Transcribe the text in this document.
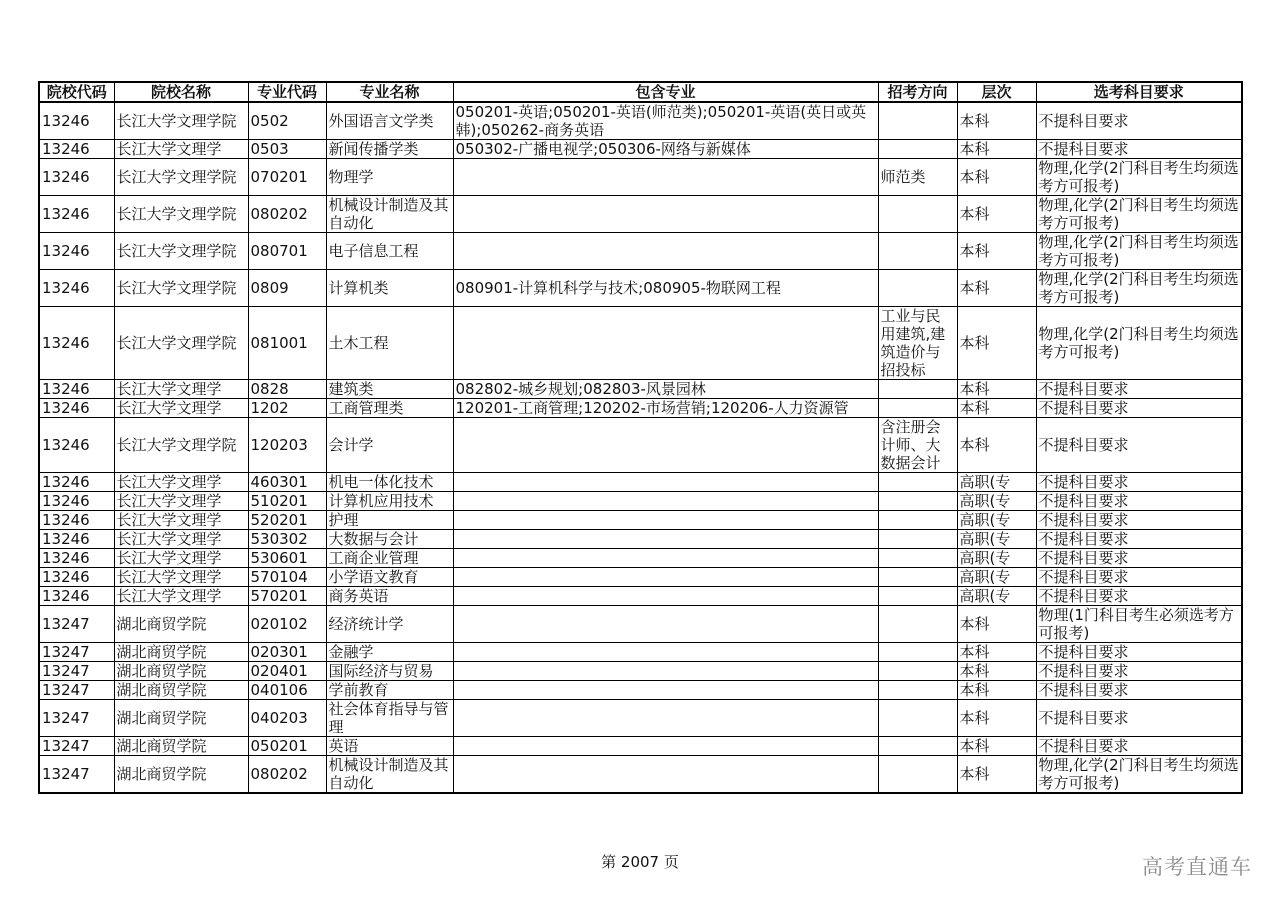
院校代码	院校名称	专业代码	专业名称	包含专业	招考方向	层次	选考科目要求
13246	长江大学文理学院	0502	外国语言文学类	050201-英语;050201-英语(师范类);050201-英语(英日或英韩);050262-商务英语		本科	不提科目要求
13246	长江大学文理学	0503	新闻传播学类	050302-广播电视学;050306-网络与新媒体		本科	不提科目要求
13246	长江大学文理学院	070201	物理学		师范类	本科	物理,化学(2门科目考生均须选考方可报考)
13246	长江大学文理学院	080202	机械设计制造及其自动化			本科	物理,化学(2门科目考生均须选考方可报考)
13246	长江大学文理学院	080701	电子信息工程			本科	物理,化学(2门科目考生均须选考方可报考)
13246	长江大学文理学院	0809	计算机类	080901-计算机科学与技术;080905-物联网工程		本科	物理,化学(2门科目考生均须选考方可报考)
13246	长江大学文理学院	081001	土木工程		工业与民用建筑,建筑造价与招投标	本科	物理,化学(2门科目考生均须选考方可报考)
13246	长江大学文理学	0828	建筑类	082802-城乡规划;082803-风景园林		本科	不提科目要求
13246	长江大学文理学	1202	工商管理类	120201-工商管理;120202-市场营销;120206-人力资源管		本科	不提科目要求
13246	长江大学文理学院	120203	会计学		含注册会计师、大数据会计	本科	不提科目要求
13246	长江大学文理学	460301	机电一体化技术			高职(专	不提科目要求
13246	长江大学文理学	510201	计算机应用技术			高职(专	不提科目要求
13246	长江大学文理学	520201	护理			高职(专	不提科目要求
13246	长江大学文理学	530302	大数据与会计			高职(专	不提科目要求
13246	长江大学文理学	530601	工商企业管理			高职(专	不提科目要求
13246	长江大学文理学	570104	小学语文教育			高职(专	不提科目要求
13246	长江大学文理学	570201	商务英语			高职(专	不提科目要求
13247	湖北商贸学院	020102	经济统计学			本科	物理(1门科目考生必须选考方可报考)
13247	湖北商贸学院	020301	金融学			本科	不提科目要求
13247	湖北商贸学院	020401	国际经济与贸易			本科	不提科目要求
13247	湖北商贸学院	040106	学前教育			本科	不提科目要求
13247	湖北商贸学院	040203	社会体育指导与管理			本科	不提科目要求
13247	湖北商贸学院	050201	英语			本科	不提科目要求
13247	湖北商贸学院	080202	机械设计制造及其自动化			本科	物理,化学(2门科目考生均须选考方可报考)
第 2007 页	高考直通车
